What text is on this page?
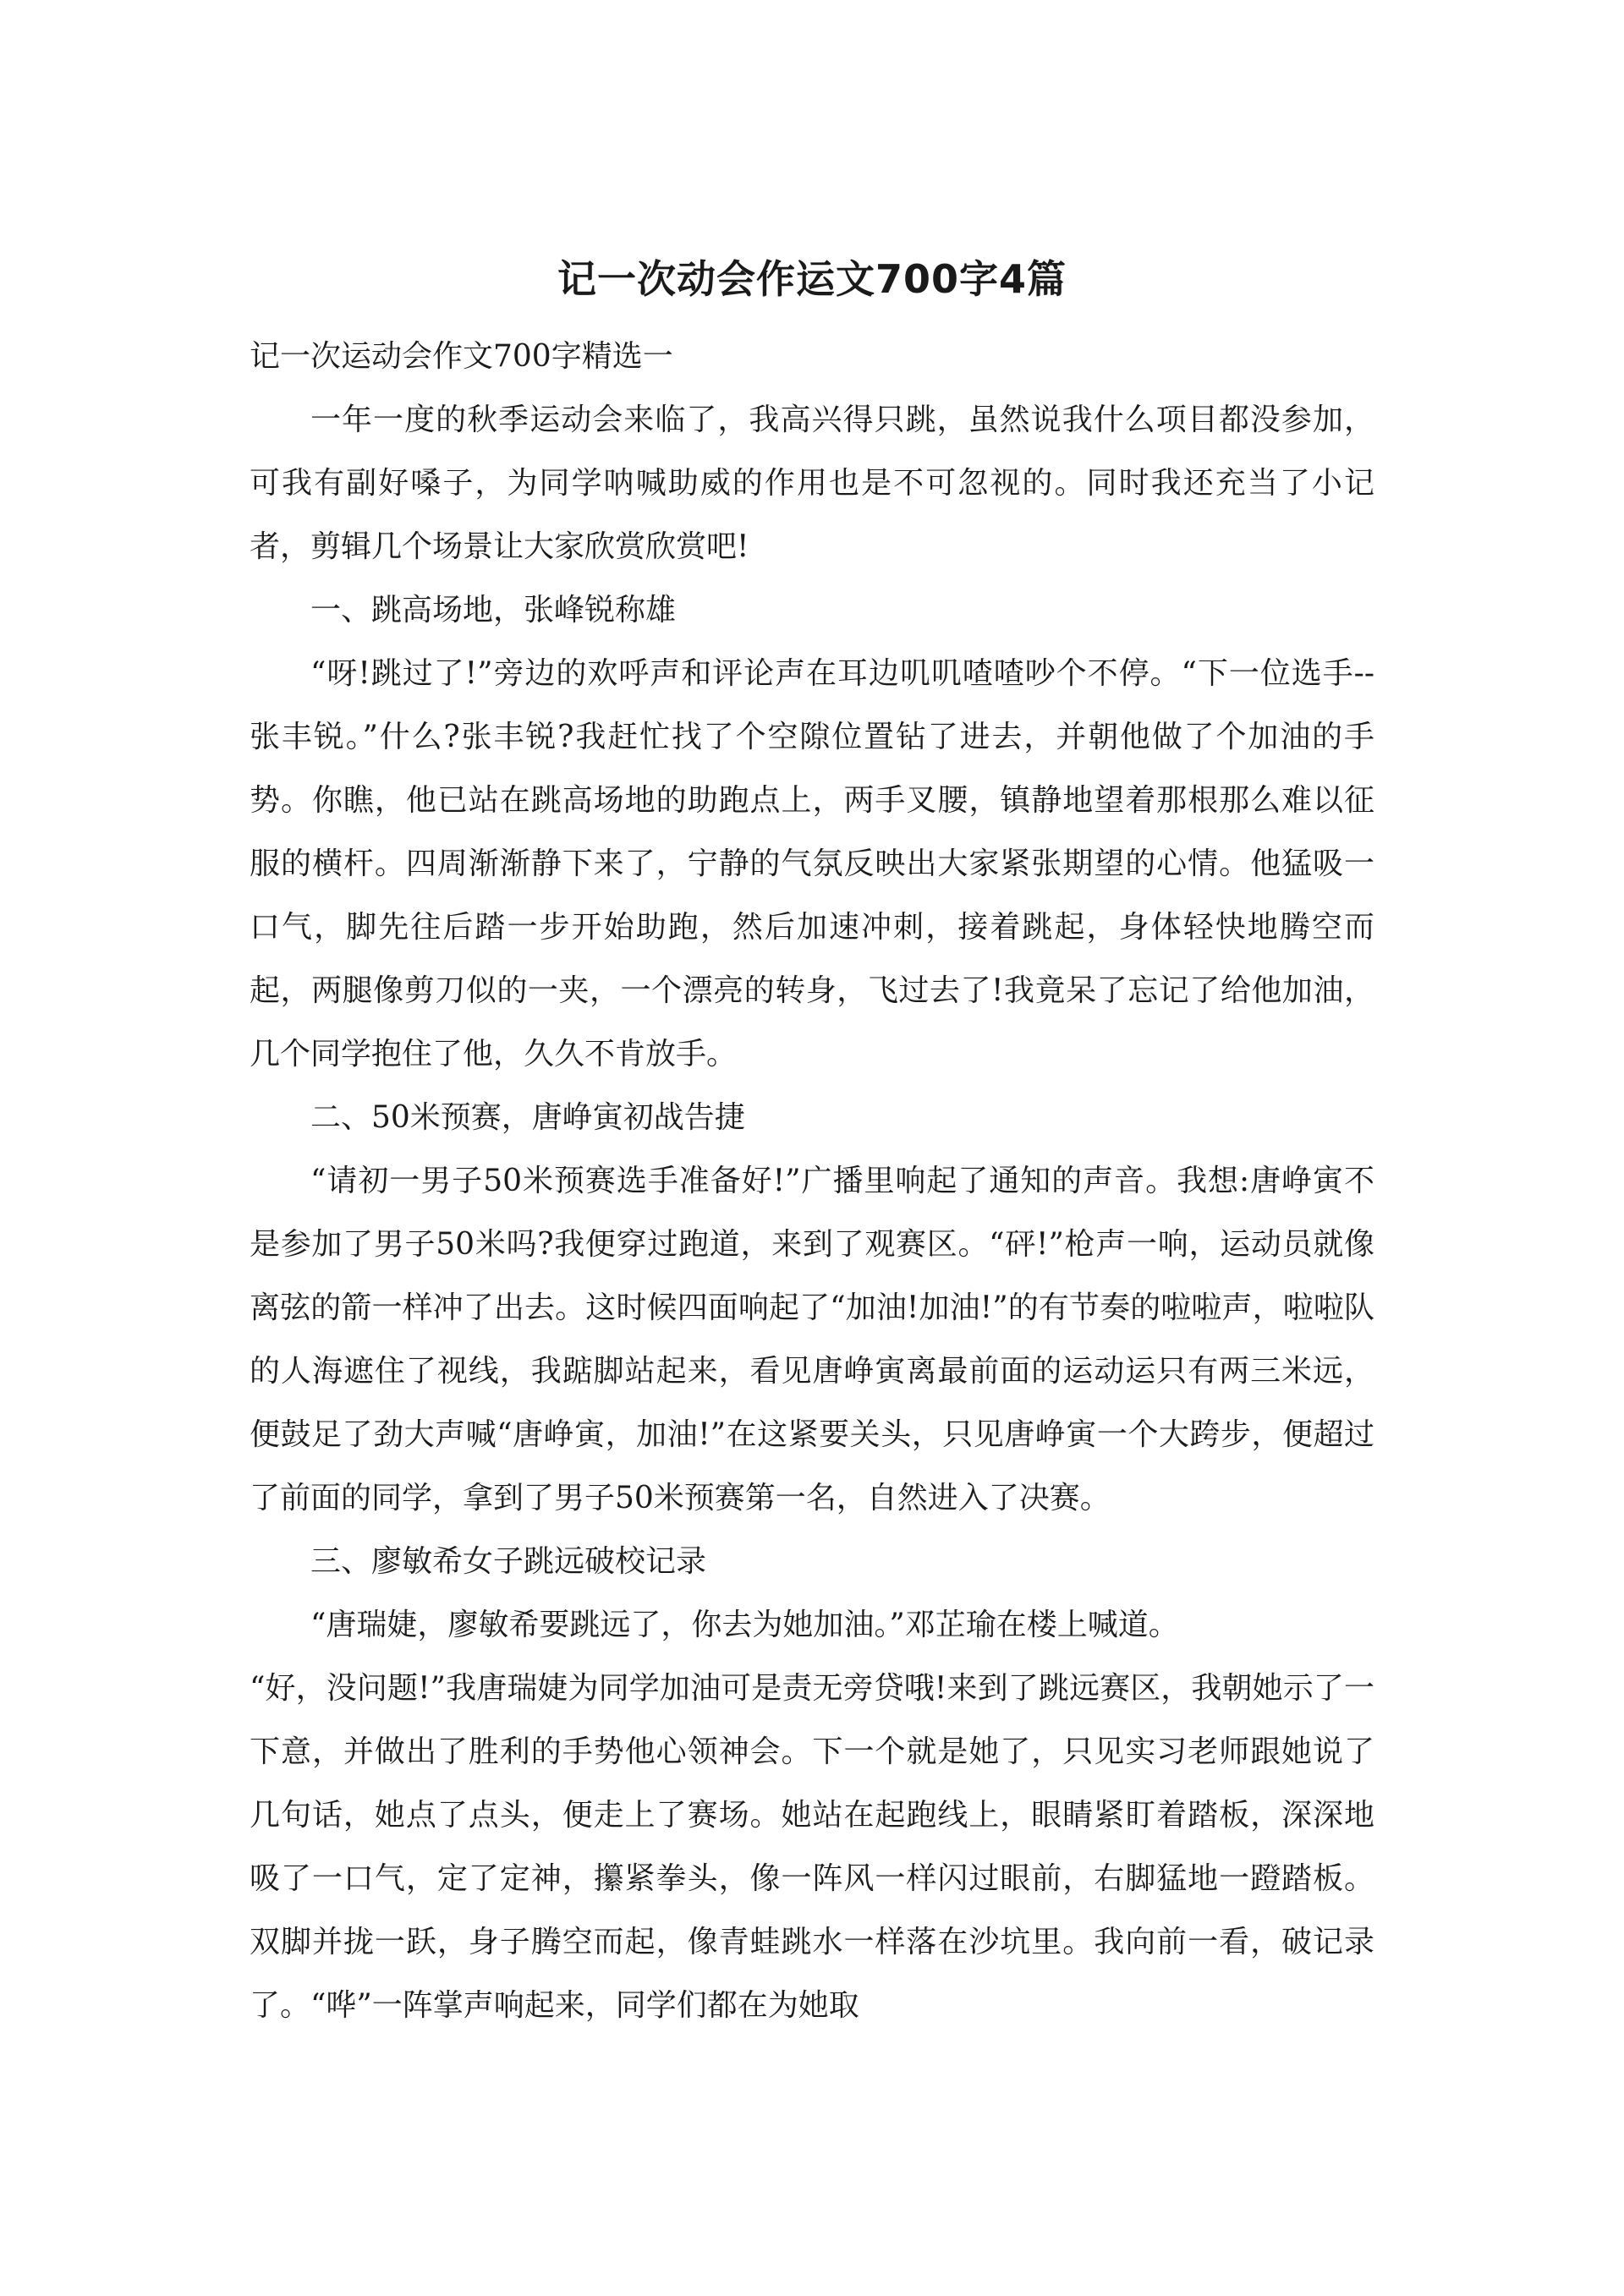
记一次动会作运文700字4篇

记一次运动会作文700字精选一

一年一度的秋季运动会来临了，我高兴得只跳，虽然说我什么项目都没参加，可我有副好嗓子，为同学呐喊助威的作用也是不可忽视的。同时我还充当了小记者，剪辑几个场景让大家欣赏欣赏吧!

一、跳高场地，张峰锐称雄

“呀!跳过了!”旁边的欢呼声和评论声在耳边叽叽喳喳吵个不停。“下一位选手--张丰锐。”什么?张丰锐?我赶忙找了个空隙位置钻了进去，并朝他做了个加油的手势。你瞧，他已站在跳高场地的助跑点上，两手叉腰，镇静地望着那根那么难以征服的横杆。四周渐渐静下来了，宁静的气氛反映出大家紧张期望的心情。他猛吸一口气，脚先往后踏一步开始助跑，然后加速冲刺，接着跳起，身体轻快地腾空而起，两腿像剪刀似的一夹，一个漂亮的转身，飞过去了!我竟呆了忘记了给他加油，几个同学抱住了他，久久不肯放手。

二、50米预赛，唐峥寅初战告捷

“请初一男子50米预赛选手准备好!”广播里响起了通知的声音。我想:唐峥寅不是参加了男子50米吗?我便穿过跑道，来到了观赛区。“砰!”枪声一响，运动员就像离弦的箭一样冲了出去。这时候四面响起了“加油!加油!”的有节奏的啦啦声，啦啦队的人海遮住了视线，我踮脚站起来，看见唐峥寅离最前面的运动运只有两三米远，便鼓足了劲大声喊“唐峥寅，加油!”在这紧要关头，只见唐峥寅一个大跨步，便超过了前面的同学，拿到了男子50米预赛第一名，自然进入了决赛。

三、廖敏希女子跳远破校记录

“唐瑞婕，廖敏希要跳远了，你去为她加油。”邓芷瑜在楼上喊道。

“好，没问题!”我唐瑞婕为同学加油可是责无旁贷哦!来到了跳远赛区，我朝她示了一下意，并做出了胜利的手势他心领神会。下一个就是她了，只见实习老师跟她说了几句话，她点了点头，便走上了赛场。她站在起跑线上，眼睛紧盯着踏板，深深地吸了一口气，定了定神，攥紧拳头，像一阵风一样闪过眼前，右脚猛地一蹬踏板。双脚并拢一跃，身子腾空而起，像青蛙跳水一样落在沙坑里。我向前一看，破记录了。“哗”一阵掌声响起来，同学们都在为她取
